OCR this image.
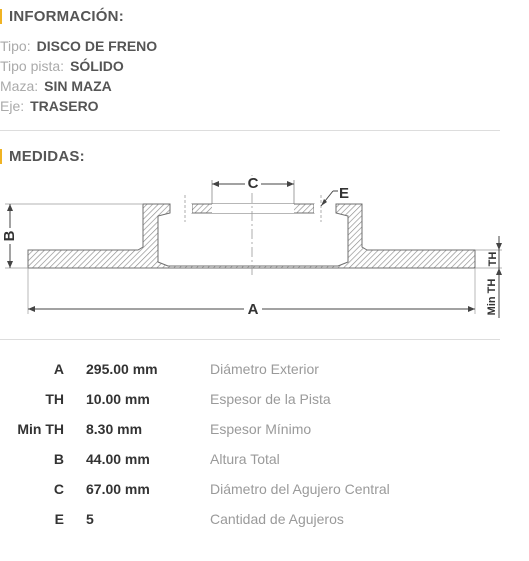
INFORMACIÓN:
Tipo: DISCO DE FRENO
Tipo pista: SÓLIDO
Maza: SIN MAZA
Eje: TRASERO
MEDIDAS:
C
E
B
TH
Min TH
A
A 295.00 mm	Diámetro Exterior
TH 10.00 mm	Espesor de la Pista
Min TH 8.30 mm	Espesor Mínimo
B 44.00 mm	Altura Total
C 67.00 mm	Diámetro del Agujero Central
E 5	Cantidad de Agujeros
